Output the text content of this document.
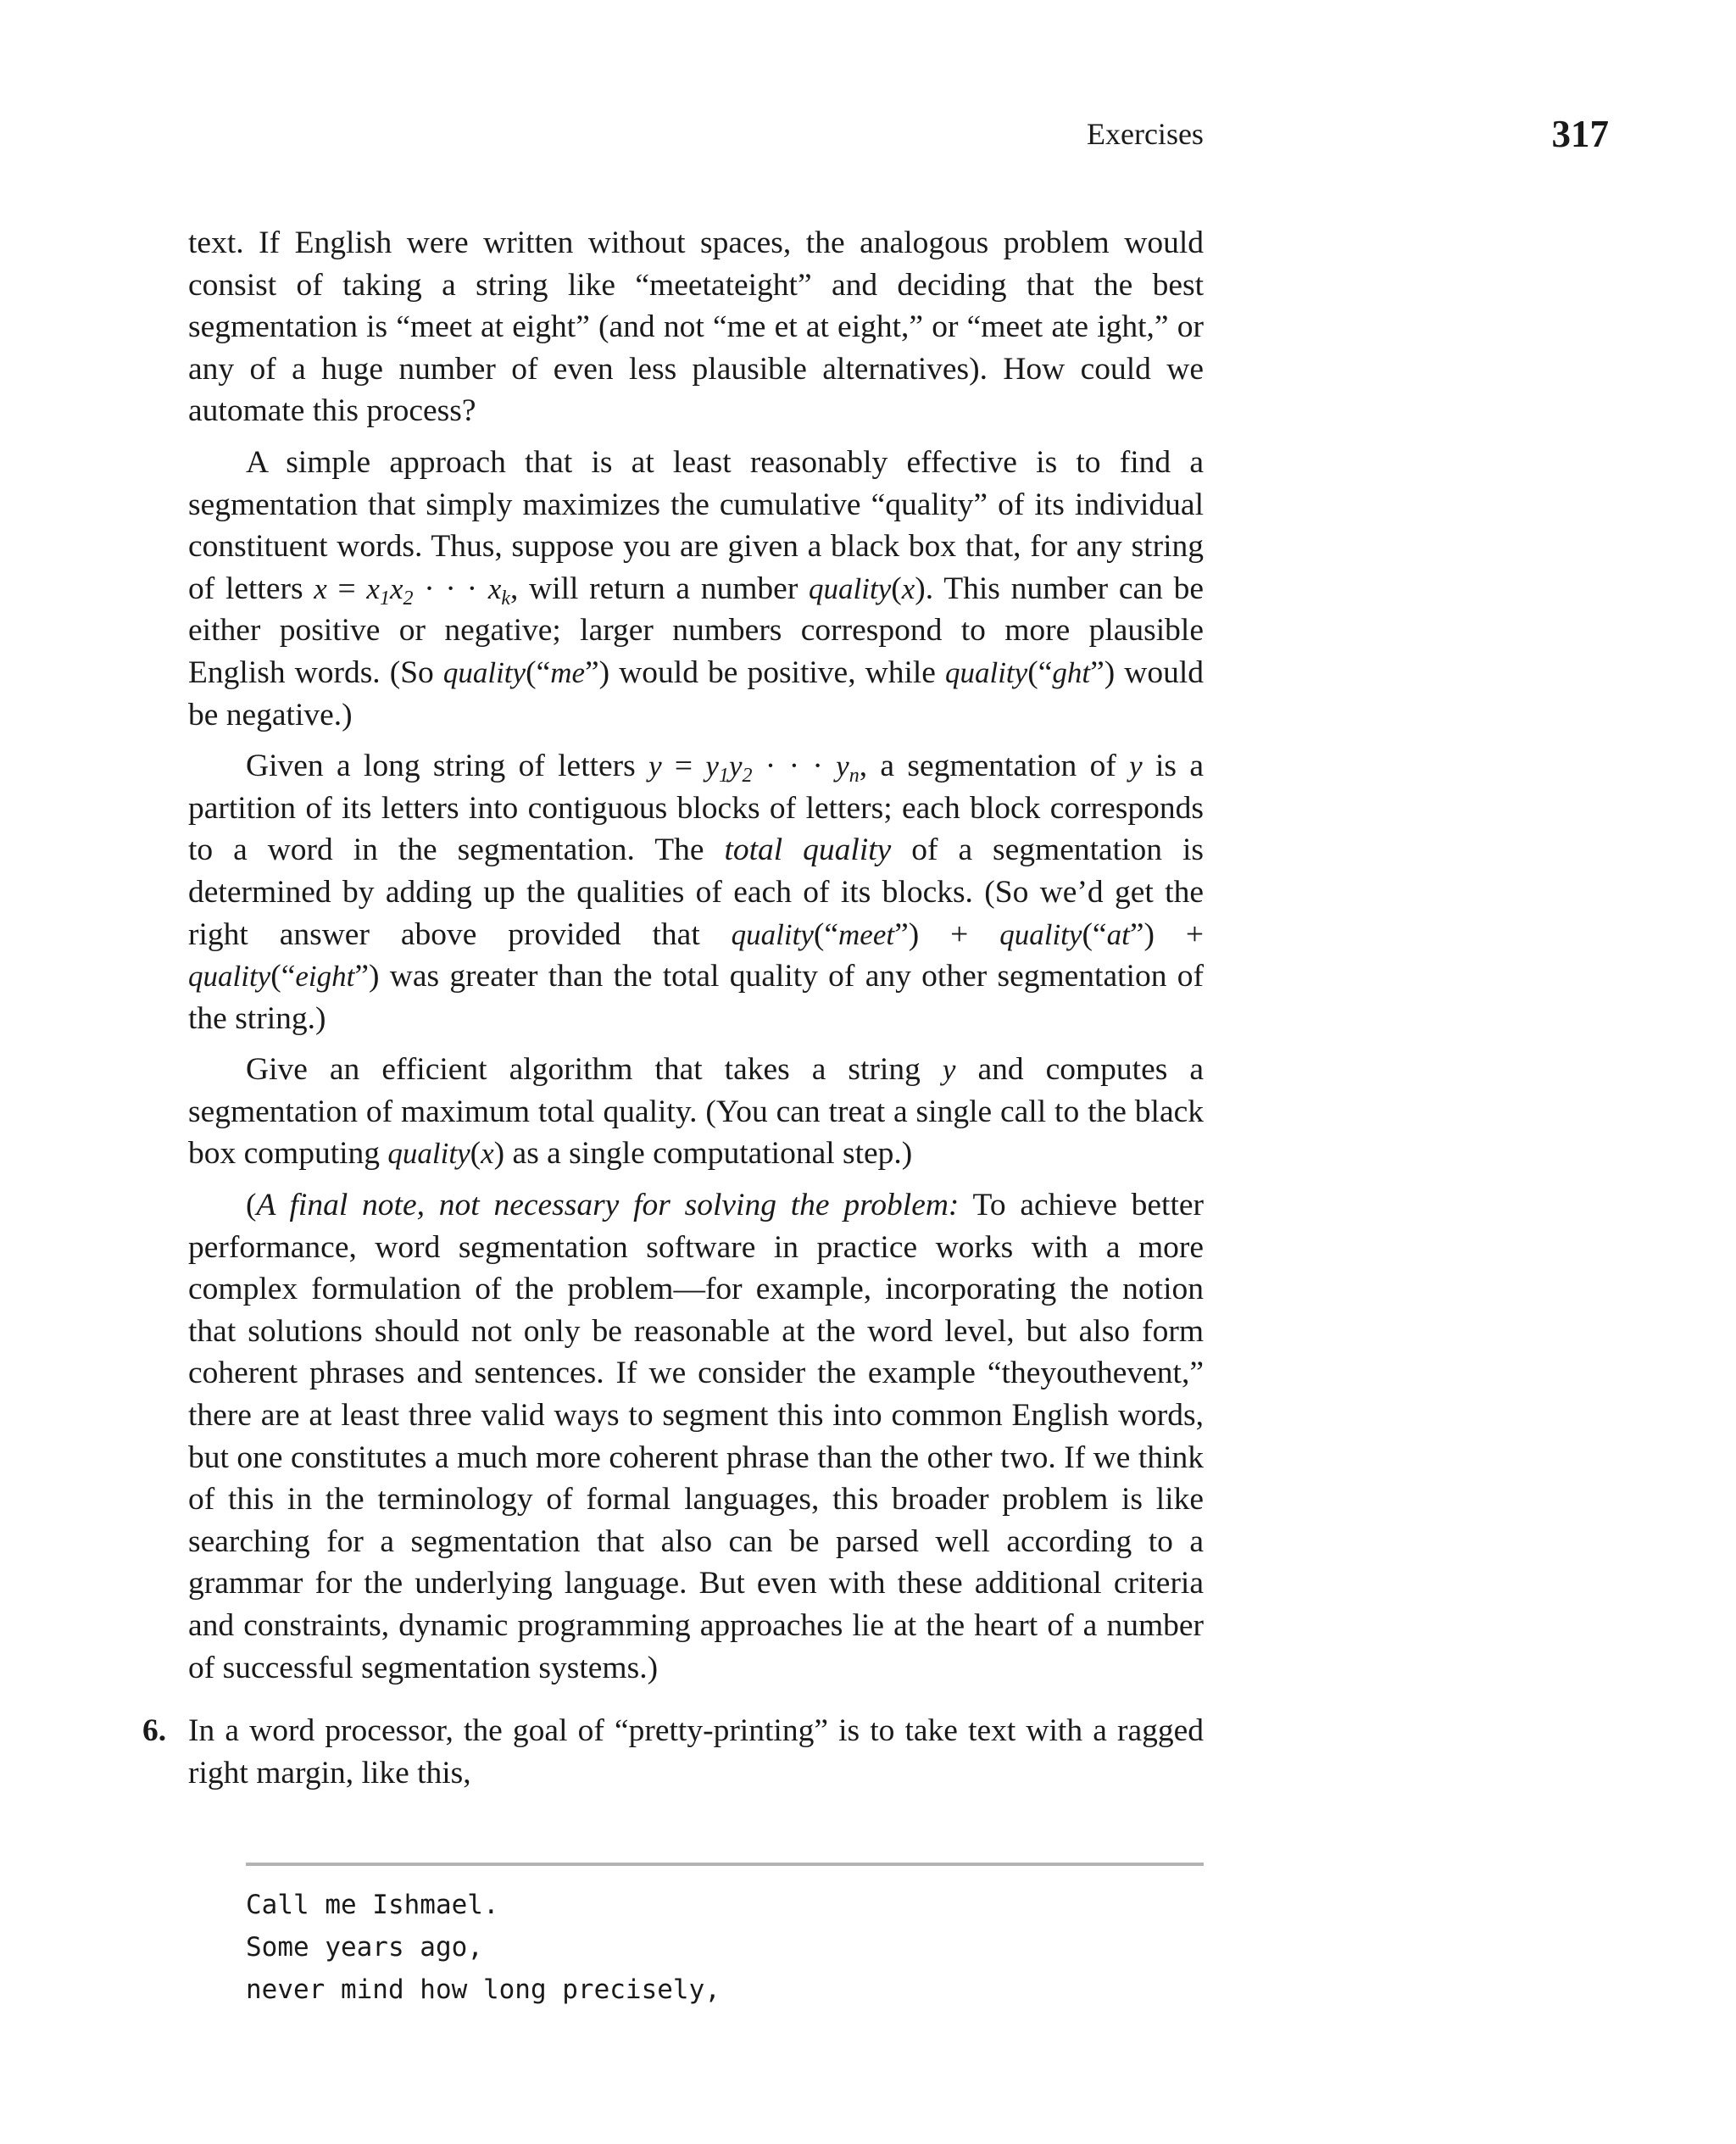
Exercises	317

text. If English were written without spaces, the analogous problem would consist of taking a string like “meetateight” and deciding that the best segmentation is “meet at eight” (and not “me et at eight,” or “meet ate ight,” or any of a huge number of even less plausible alternatives). How could we automate this process?

A simple approach that is at least reasonably effective is to find a segmentation that simply maximizes the cumulative “quality” of its individual constituent words. Thus, suppose you are given a black box that, for any string of letters x = x1x2 · · · xk, will return a number quality(x). This number can be either positive or negative; larger numbers correspond to more plausible English words. (So quality(“me”) would be positive, while quality(“ght”) would be negative.)

Given a long string of letters y = y1y2 · · · yn, a segmentation of y is a partition of its letters into contiguous blocks of letters; each block corresponds to a word in the segmentation. The total quality of a segmentation is determined by adding up the qualities of each of its blocks. (So we’d get the right answer above provided that quality(“meet”) + quality(“at”) + quality(“eight”) was greater than the total quality of any other segmentation of the string.)

Give an efficient algorithm that takes a string y and computes a segmentation of maximum total quality. (You can treat a single call to the black box computing quality(x) as a single computational step.)

(A final note, not necessary for solving the problem: To achieve better performance, word segmentation software in practice works with a more complex formulation of the problem—for example, incorporating the notion that solutions should not only be reasonable at the word level, but also form coherent phrases and sentences. If we consider the example “theyouthevent,” there are at least three valid ways to segment this into common English words, but one constitutes a much more coherent phrase than the other two. If we think of this in the terminology of formal languages, this broader problem is like searching for a segmentation that also can be parsed well according to a grammar for the underlying language. But even with these additional criteria and constraints, dynamic programming approaches lie at the heart of a number of successful segmentation systems.)

6. In a word processor, the goal of “pretty-printing” is to take text with a ragged right margin, like this,
Call me Ishmael.
Some years ago,
never mind how long precisely,
